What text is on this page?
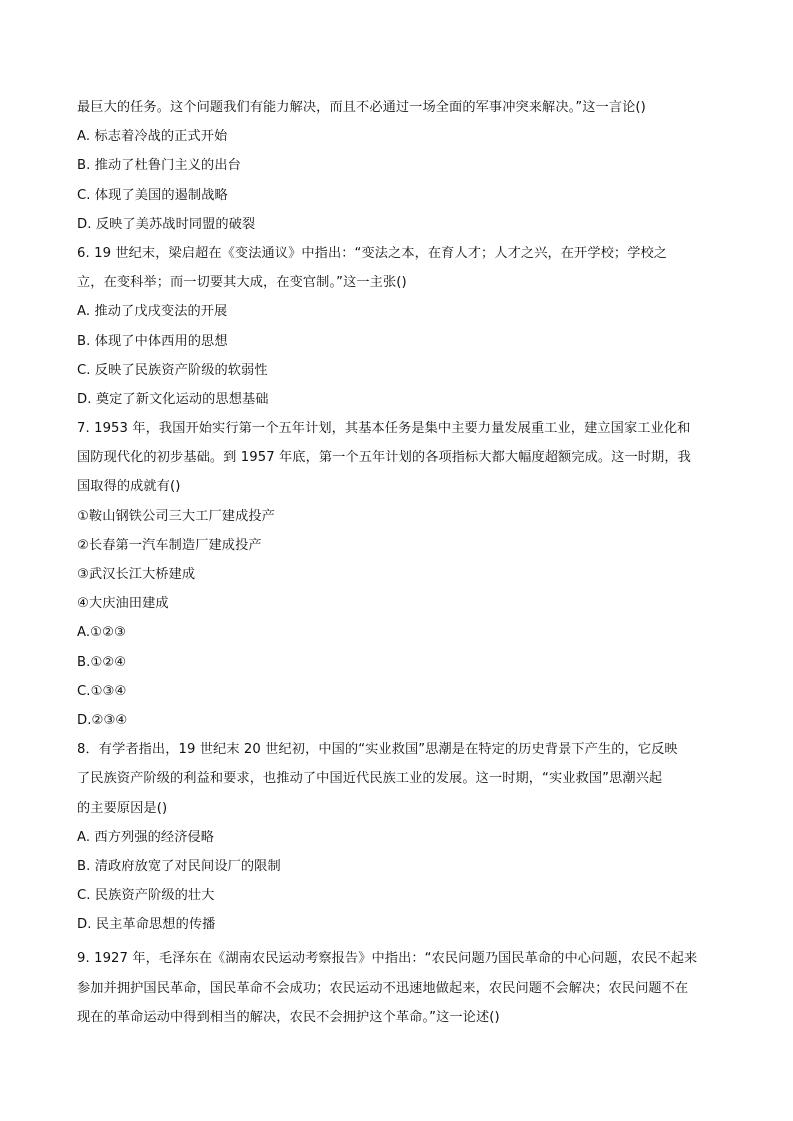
最巨大的任务。这个问题我们有能力解决，而且不必通过一场全面的军事冲突来解决。”这一言论()
A. 标志着冷战的正式开始
B. 推动了杜鲁门主义的出台
C. 体现了美国的遏制战略
D. 反映了美苏战时同盟的破裂
6. 19 世纪末，梁启超在《变法通议》中指出：“变法之本，在育人才；人才之兴，在开学校；学校之
立，在变科举；而一切要其大成，在变官制。”这一主张()
A. 推动了戊戌变法的开展
B. 体现了中体西用的思想
C. 反映了民族资产阶级的软弱性
D. 奠定了新文化运动的思想基础
7. 1953 年，我国开始实行第一个五年计划，其基本任务是集中主要力量发展重工业，建立国家工业化和
国防现代化的初步基础。到 1957 年底，第一个五年计划的各项指标大都大幅度超额完成。这一时期，我
国取得的成就有()
①鞍山钢铁公司三大工厂建成投产
②长春第一汽车制造厂建成投产
③武汉长江大桥建成
④大庆油田建成
A.①②③
B.①②④
C.①③④
D.②③④
8．有学者指出，19 世纪末 20 世纪初，中国的“实业救国”思潮是在特定的历史背景下产生的，它反映
了民族资产阶级的利益和要求，也推动了中国近代民族工业的发展。这一时期，“实业救国”思潮兴起
的主要原因是()
A. 西方列强的经济侵略
B. 清政府放宽了对民间设厂的限制
C. 民族资产阶级的壮大
D. 民主革命思想的传播
9. 1927 年，毛泽东在《湖南农民运动考察报告》中指出：“农民问题乃国民革命的中心问题，农民不起来
参加并拥护国民革命，国民革命不会成功；农民运动不迅速地做起来，农民问题不会解决；农民问题不在
现在的革命运动中得到相当的解决，农民不会拥护这个革命。”这一论述()
